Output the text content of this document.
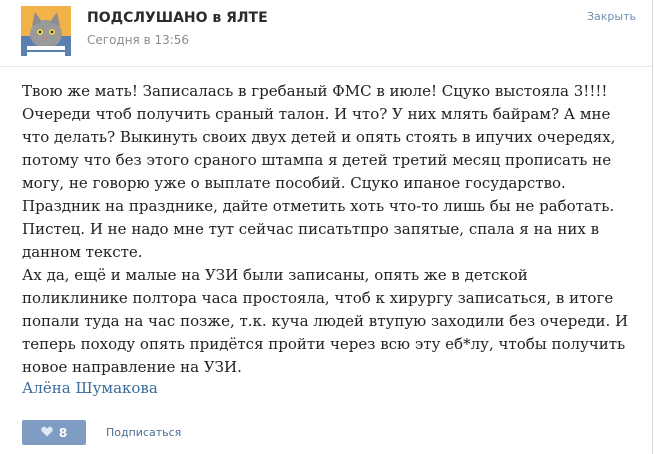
ПОДСЛУШАНО в ЯЛТЕ
Сегодня в 13:56
Закрыть

Твою же мать! Записалась в гребаный ФМС в июле! Сцуко выстояла 3!!!! Очереди чтоб получить сраный талон. И что? У них млять байрам? А мне что делать? Выкинуть своих двух детей и опять стоять в ипучих очередях, потому что без этого сраного штампа я детей третий месяц прописать не могу, не говорю уже о выплате пособий. Сцуко ипаное государство. Праздник на празднике, дайте отметить хоть что-то лишь бы не работать. Пистец. И не надо мне тут сейчас писатьтпро запятые, спала я на них в данном тексте.

Ах да, ещё и малые на УЗИ были записаны, опять же в детской поликлинике полтора часа простояла, чтоб к хирургу записаться, в итоге попали туда на час позже, т.к. куча людей втупую заходили без очереди. И теперь походу опять придётся пройти через всю эту еб*лу, чтобы получить новое направление на УЗИ.

Алёна Шумакова
8	Подписаться
